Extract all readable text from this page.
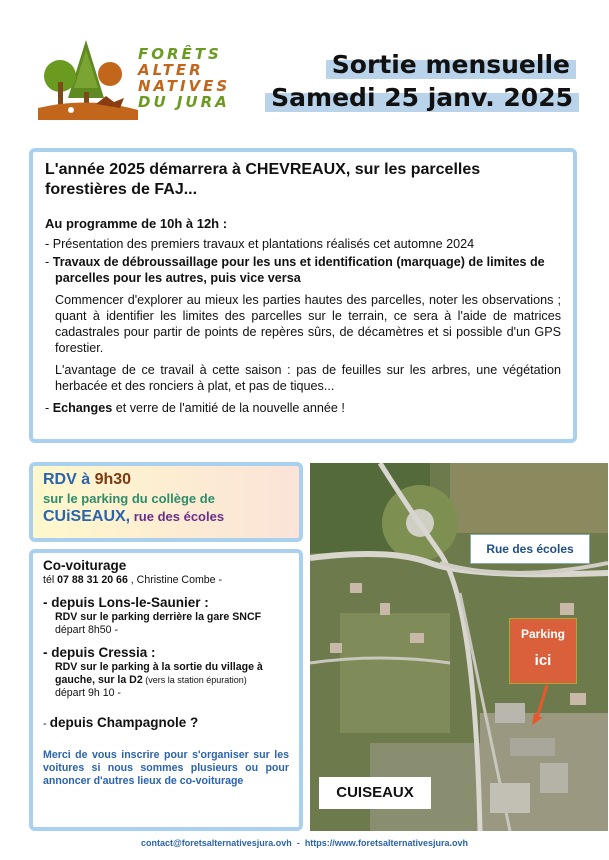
FORÊTS
ALTER
NATIVES
DU JURA
Sortie mensuelle
Samedi 25 janv. 2025
L'année 2025 démarrera à CHEVREAUX, sur les parcelles forestières de FAJ...
Au programme de 10h à 12h :
- Présentation des premiers travaux et plantations réalisés cet automne 2024
- Travaux de débroussaillage pour les uns et identification (marquage) de limites de parcelles pour les autres, puis vice versa
Commencer d'explorer au mieux les parties hautes des parcelles, noter les observations ; quant à identifier les limites des parcelles sur le terrain, ce sera à l'aide de matrices cadastrales pour partir de points de repères sûrs, de décamètres et si possible d'un GPS forestier.
L'avantage de ce travail à cette saison : pas de feuilles sur les arbres, une végétation herbacée et des ronciers à plat, et pas de tiques...
- Echanges et verre de l'amitié de la nouvelle année !
RDV à 9h30
sur le parking du collège de
CUiSEAUX, rue des écoles
Co-voiturage
tél 07 88 31 20 66 , Christine Combe -
- depuis Lons-le-Saunier :
RDV sur le parking derrière la gare SNCF
départ 8h50 -
- depuis Cressia :
RDV sur le parking à la sortie du village à gauche, sur la D2 (vers la station épuration)
départ 9h 10 -
- depuis Champagnole ?
Merci de vous inscrire pour s'organiser sur les voitures si nous sommes plusieurs ou pour annoncer d'autres lieux de co-voiturage
Rue des écoles
Parking
ici
CUISEAUX
contact@foretsalternativesjura.ovh  -  https://www.foretsalternativesjura.ovh
